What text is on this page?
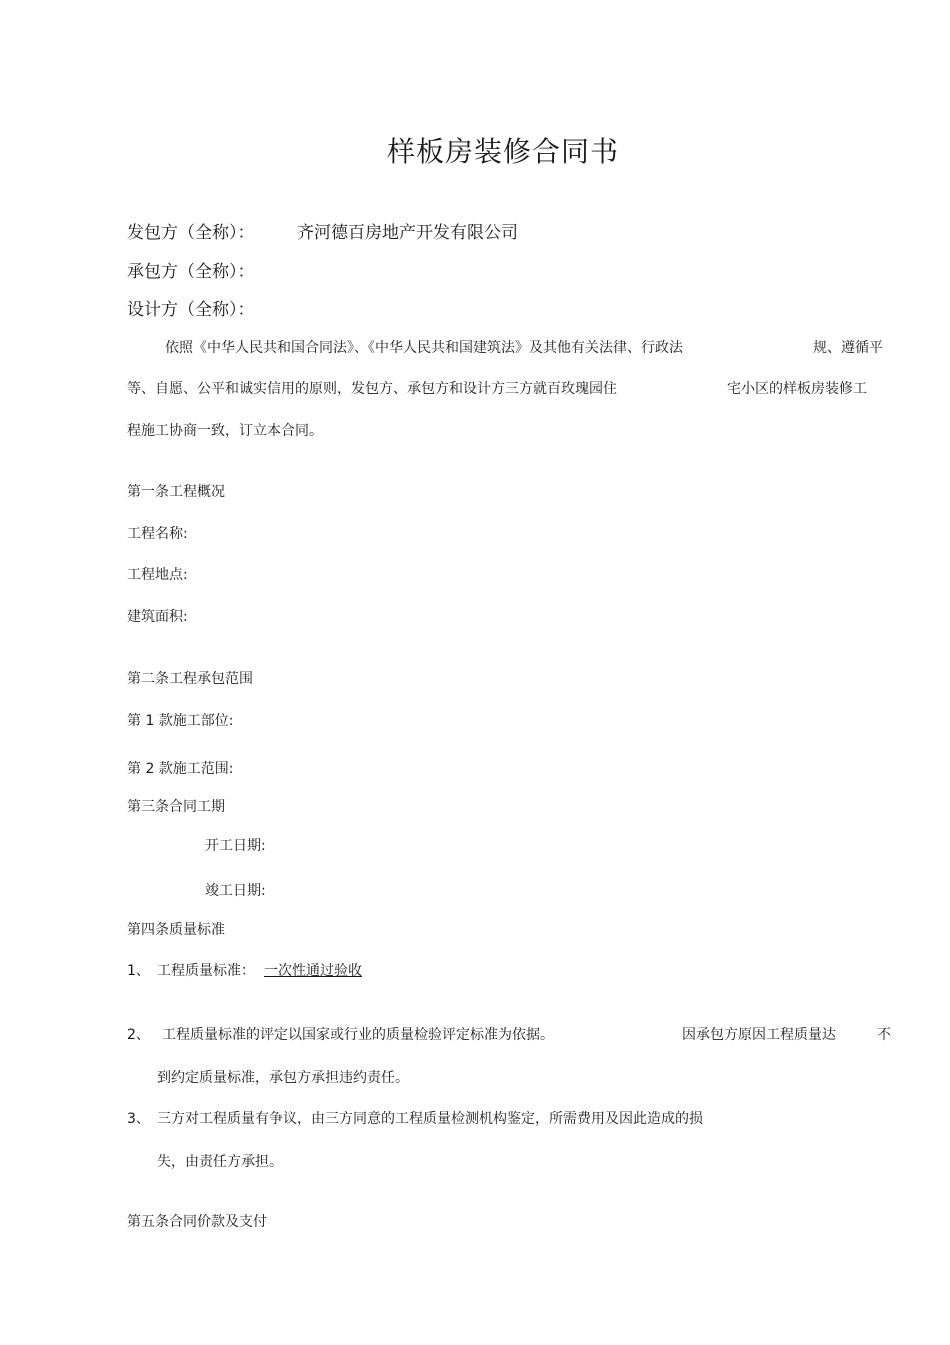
样板房装修合同书
发包方（全称）：	齐河德百房地产开发有限公司
承包方（全称）：
设计方（全称）：
依照《中华人民共和国合同法》、《中华人民共和国建筑法》及其他有关法律、行政法	规、遵循平
等、自愿、公平和诚实信用的原则，发包方、承包方和设计方三方就百玫瑰园住	宅小区的样板房装修工
程施工协商一致，订立本合同。
第一条工程概况
工程名称:
工程地点:
建筑面积:
第二条工程承包范围
第 1 款施工部位:
第 2 款施工范围:
第三条合同工期
开工日期:
竣工日期:
第四条质量标准
1、 工程质量标准： 一次性通过验收
2、 工程质量标准的评定以国家或行业的质量检验评定标准为依据。	因承包方原因工程质量达	不
到约定质量标准，承包方承担违约责任。
3、 三方对工程质量有争议，由三方同意的工程质量检测机构鉴定，所需费用及因此造成的损
失，由责任方承担。
第五条合同价款及支付
